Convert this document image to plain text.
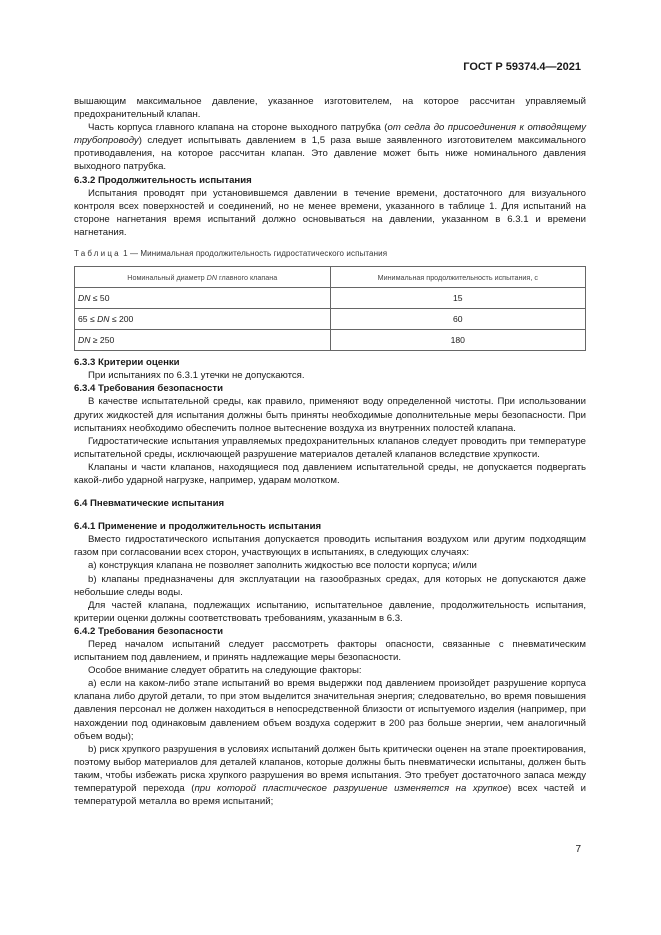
ГОСТ Р 59374.4—2021

вышающим максимальное давление, указанное изготовителем, на которое рассчитан управляемый предохранительный клапан.

Часть корпуса главного клапана на стороне выходного патрубка (от седла до присоединения к отводящему трубопроводу) следует испытывать давлением в 1,5 раза выше заявленного изготовителем максимального противодавления, на которое рассчитан клапан. Это давление может быть ниже номинального давления выходного патрубка.

6.3.2 Продолжительность испытания

Испытания проводят при установившемся давлении в течение времени, достаточного для визуального контроля всех поверхностей и соединений, но не менее времени, указанного в таблице 1. Для испытаний на стороне нагнетания время испытаний должно основываться на давлении, указанном в 6.3.1 и времени нагнетания.

Таблица 1 — Минимальная продолжительность гидростатического испытания
Номинальный диаметр DN главного клапана	Минимальная продолжительность испытания, с
DN ≤ 50	15
65 ≤ DN ≤ 200	60
DN ≥ 250	180

6.3.3 Критерии оценки

При испытаниях по 6.3.1 утечки не допускаются.

6.3.4 Требования безопасности

В качестве испытательной среды, как правило, применяют воду определенной чистоты. При использовании других жидкостей для испытания должны быть приняты необходимые дополнительные меры безопасности. При испытаниях необходимо обеспечить полное вытеснение воздуха из внутренних полостей клапана.

Гидростатические испытания управляемых предохранительных клапанов следует проводить при температуре испытательной среды, исключающей разрушение материалов деталей клапанов вследствие хрупкости.

Клапаны и части клапанов, находящиеся под давлением испытательной среды, не допускается подвергать какой-либо ударной нагрузке, например, ударам молотком.

6.4 Пневматические испытания

6.4.1 Применение и продолжительность испытания

Вместо гидростатического испытания допускается проводить испытания воздухом или другим подходящим газом при согласовании всех сторон, участвующих в испытаниях, в следующих случаях:

a) конструкция клапана не позволяет заполнить жидкостью все полости корпуса; и/или

b) клапаны предназначены для эксплуатации на газообразных средах, для которых не допускаются даже небольшие следы воды.

Для частей клапана, подлежащих испытанию, испытательное давление, продолжительность испытания, критерии оценки должны соответствовать требованиям, указанным в 6.3.

6.4.2 Требования безопасности

Перед началом испытаний следует рассмотреть факторы опасности, связанные с пневматическим испытанием под давлением, и принять надлежащие меры безопасности.

Особое внимание следует обратить на следующие факторы:

a) если на каком-либо этапе испытаний во время выдержки под давлением произойдет разрушение корпуса клапана либо другой детали, то при этом выделится значительная энергия; следовательно, во время повышения давления персонал не должен находиться в непосредственной близости от испытуемого изделия (например, при нахождении под одинаковым давлением объем воздуха содержит в 200 раз больше энергии, чем аналогичный объем воды);

b) риск хрупкого разрушения в условиях испытаний должен быть критически оценен на этапе проектирования, поэтому выбор материалов для деталей клапанов, которые должны быть пневматически испытаны, должен быть таким, чтобы избежать риска хрупкого разрушения во время испытания. Это требует достаточного запаса между температурой перехода (при которой пластическое разрушение изменяется на хрупкое) всех частей и температурой металла во время испытаний;

7
